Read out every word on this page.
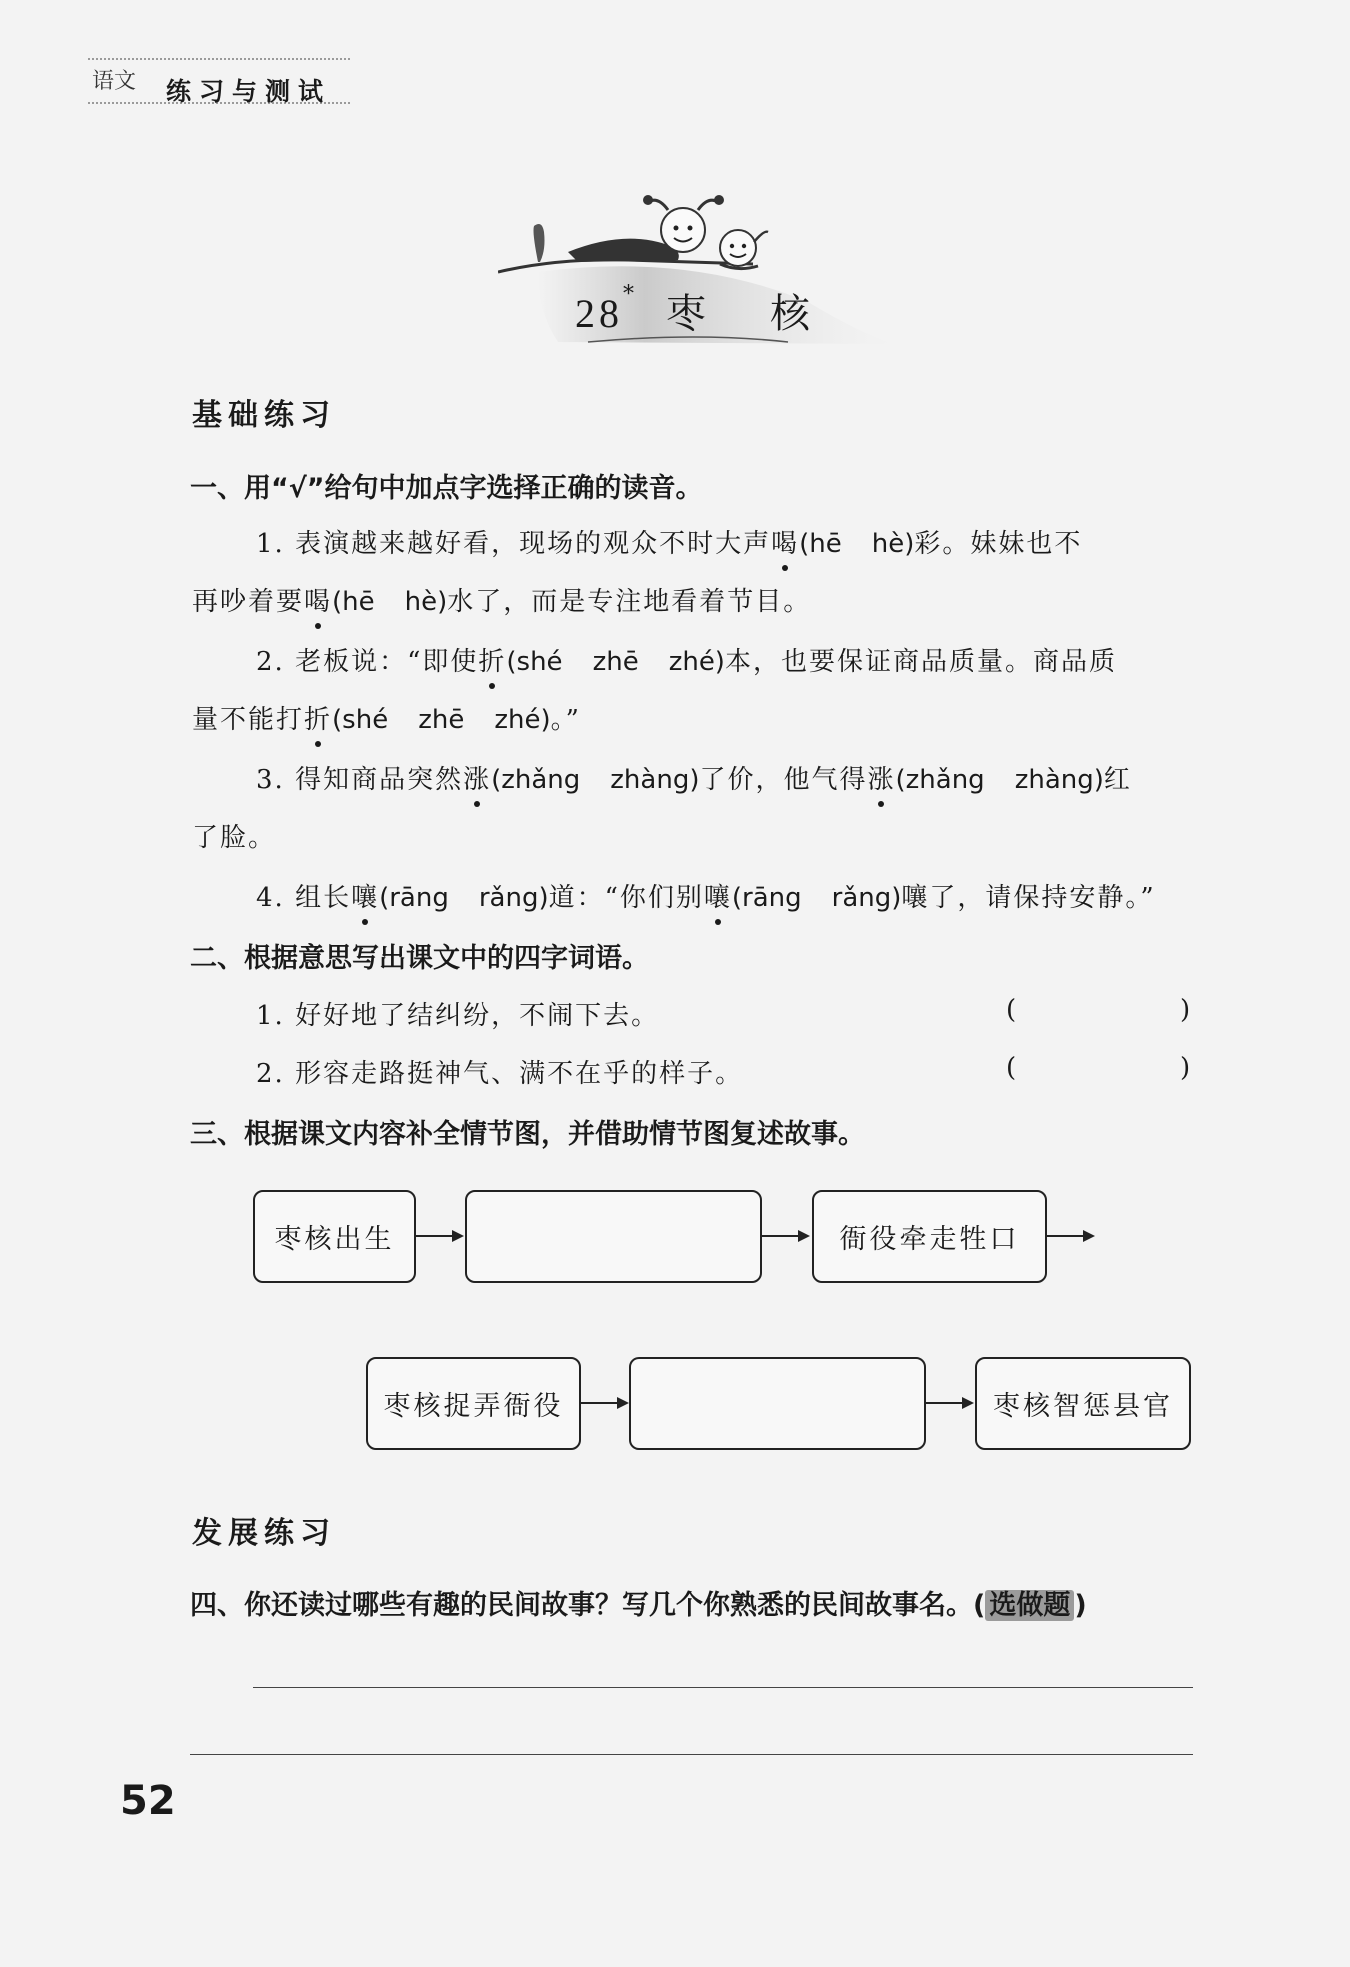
语文 练习与测试
28* 枣 核
基础练习
一、用“√”给句中加点字选择正确的读音。
1. 表演越来越好看，现场的观众不时大声喝(hē hè)彩。妹妹也不
再吵着要喝(hē hè)水了，而是专注地看着节目。
2. 老板说：“即使折(shé zhē zhé)本，也要保证商品质量。商品质
量不能打折(shé zhē zhé)。”
3. 得知商品突然涨(zhǎng zhàng)了价，他气得涨(zhǎng zhàng)红
了脸。
4. 组长嚷(rāng rǎng)道：“你们别嚷(rāng rǎng)嚷了，请保持安静。”
二、根据意思写出课文中的四字词语。
1. 好好地了结纠纷，不闹下去。	(	)
2. 形容走路挺神气、满不在乎的样子。	(	)
三、根据课文内容补全情节图，并借助情节图复述故事。
枣核出生	衙役牵走牲口
枣核捉弄衙役	枣核智惩县官
发展练习
四、你还读过哪些有趣的民间故事？写几个你熟悉的民间故事名。( 选做题 )
52
